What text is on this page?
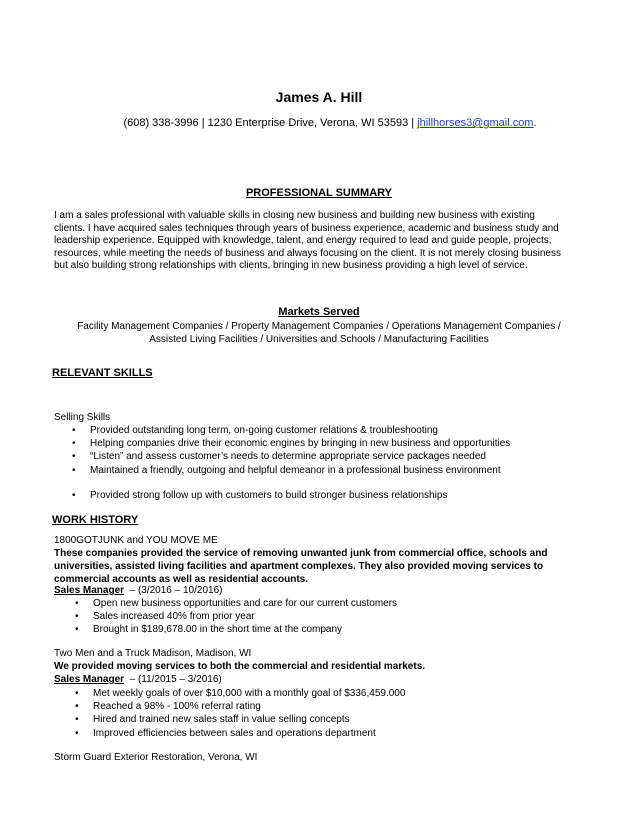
James A. Hill
(608) 338-3996 | 1230 Enterprise Drive, Verona, WI 53593 | jhillhorses3@gmail.com.
PROFESSIONAL SUMMARY
I am a sales professional with valuable skills in closing new business and building new business with existing
clients. I have acquired sales techniques through years of business experience, academic and business study and
leadership experience. Equipped with knowledge, talent, and energy required to lead and guide people, projects,
resources, while meeting the needs of business and always focusing on the client. It is not merely closing business
but also building strong relationships with clients, bringing in new business providing a high level of service.
Markets Served
Facility Management Companies / Property Management Companies / Operations Management Companies /
Assisted Living Facilities / Universities and Schools / Manufacturing Facilities
RELEVANT SKILLS
Selling Skills
• Provided outstanding long term, on-going customer relations & troubleshooting
• Helping companies drive their economic engines by bringing in new business and opportunities
• “Listen” and assess customer’s needs to determine appropriate service packages needed
• Maintained a friendly, outgoing and helpful demeanor in a professional business environment
• Provided strong follow up with customers to build stronger business relationships
WORK HISTORY
1800GOTJUNK and YOU MOVE ME
These companies provided the service of removing unwanted junk from commercial office, schools and
universities, assisted living facilities and apartment complexes. They also provided moving services to
commercial accounts as well as residential accounts.
Sales Manager  – (3/2016 – 10/2016)
• Open new business opportunities and care for our current customers
• Sales increased 40% from prior year
• Brought in $189,678.00 in the short time at the company
Two Men and a Truck Madison, Madison, WI
We provided moving services to both the commercial and residential markets.
Sales Manager  – (11/2015 – 3/2016)
• Met weekly goals of over $10,000 with a monthly goal of $336,459.000
• Reached a 98% - 100% referral rating
• Hired and trained new sales staff in value selling concepts
• Improved efficiencies between sales and operations department
Storm Guard Exterior Restoration, Verona, WI
